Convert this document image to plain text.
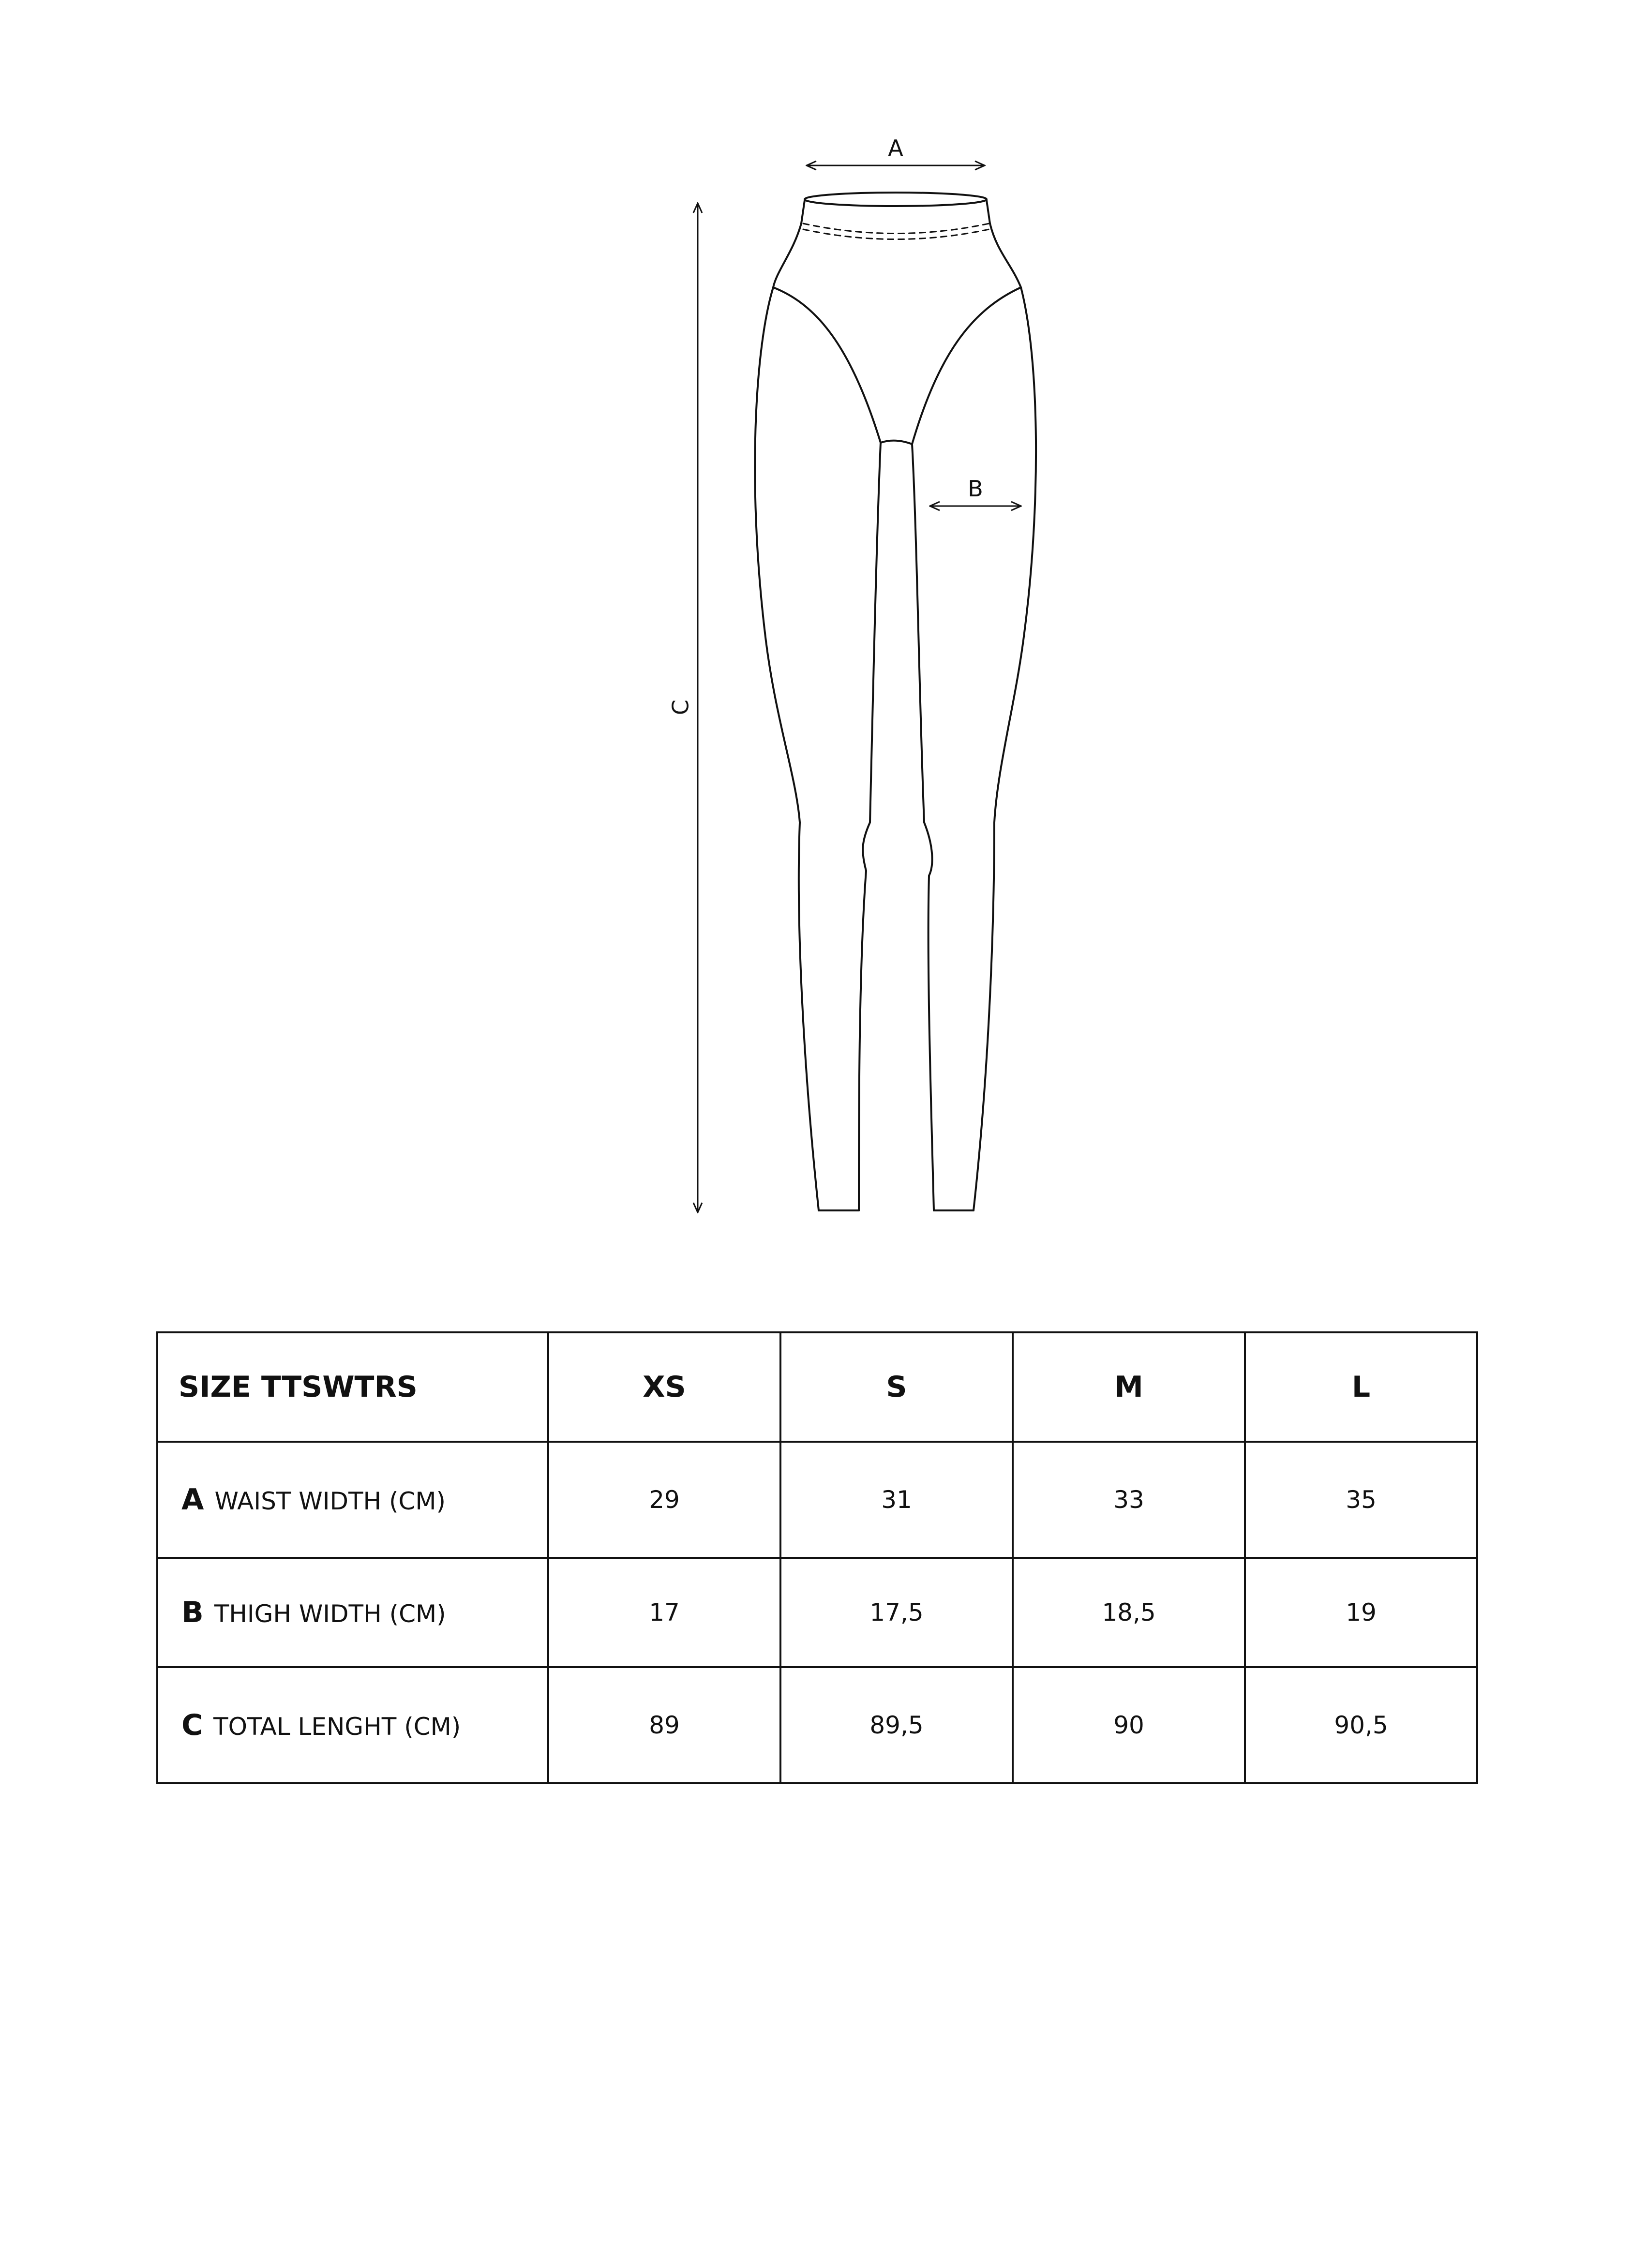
A
B
C
SIZE TTSWTRS	XS	S	M	L
A WAIST WIDTH (CM)	29	31	33	35
B THIGH WIDTH (CM)	17	17,5	18,5	19
C TOTAL LENGHT (CM)	89	89,5	90	90,5
